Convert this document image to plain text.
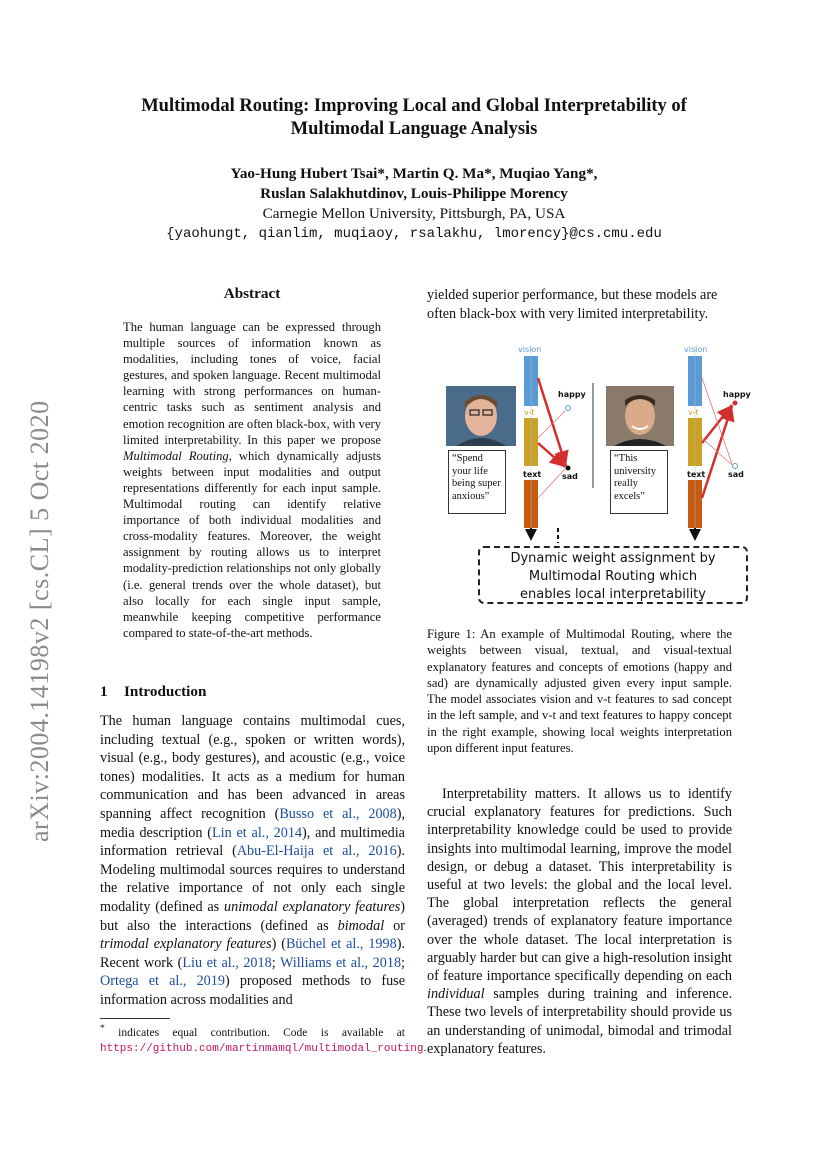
Multimodal Routing: Improving Local and Global Interpretability of
Multimodal Language Analysis
Yao-Hung Hubert Tsai*, Martin Q. Ma*, Muqiao Yang*,
Ruslan Salakhutdinov, Louis-Philippe Morency
Carnegie Mellon University, Pittsburgh, PA, USA
{yaohungt, qianlim, muqiaoy, rsalakhu, lmorency}@cs.cmu.edu
arXiv:2004.14198v2 [cs.CL] 5 Oct 2020
Abstract
The human language can be expressed through multiple sources of information known as modalities, including tones of voice, facial gestures, and spoken language. Recent multimodal learning with strong performances on human-centric tasks such as sentiment analysis and emotion recognition are often black-box, with very limited interpretability. In this paper we propose Multimodal Routing, which dynamically adjusts weights between input modalities and output representations differently for each input sample. Multimodal routing can identify relative importance of both individual modalities and cross-modality features. Moreover, the weight assignment by routing allows us to interpret modality-prediction relationships not only globally (i.e. general trends over the whole dataset), but also locally for each single input sample, meanwhile keeping competitive performance compared to state-of-the-art methods.
1 Introduction
The human language contains multimodal cues, including textual (e.g., spoken or written words), visual (e.g., body gestures), and acoustic (e.g., voice tones) modalities. It acts as a medium for human communication and has been advanced in areas spanning affect recognition (Busso et al., 2008), media description (Lin et al., 2014), and multimedia information retrieval (Abu-El-Haija et al., 2016). Modeling multimodal sources requires to understand the relative importance of not only each single modality (defined as unimodal explanatory features) but also the interactions (defined as bimodal or trimodal explanatory features) (Büchel et al., 1998). Recent work (Liu et al., 2018; Williams et al., 2018; Ortega et al., 2019) proposed methods to fuse information across modalities and
* indicates equal contribution. Code is available at https://github.com/martinmamql/multimodal_routing.
yielded superior performance, but these models are often black-box with very limited interpretability.
vision
v-t
text
happy
sad
vision
v-t
text
happy
sad
“Spend your life being super anxious”
“This university really excels”
Dynamic weight assignment by
Multimodal Routing which
enables local interpretability
Figure 1: An example of Multimodal Routing, where the weights between visual, textual, and visual-textual explanatory features and concepts of emotions (happy and sad) are dynamically adjusted given every input sample. The model associates vision and v-t features to sad concept in the left sample, and v-t and text features to happy concept in the right example, showing local weights interpretation upon different input features.

Interpretability matters. It allows us to identify crucial explanatory features for predictions. Such interpretability knowledge could be used to provide insights into multimodal learning, improve the model design, or debug a dataset. This interpretability is useful at two levels: the global and the local level. The global interpretation reflects the general (averaged) trends of explanatory feature importance over the whole dataset. The local interpretation is arguably harder but can give a high-resolution insight of feature importance specifically depending on each individual samples during training and inference. These two levels of interpretability should provide us an understanding of unimodal, bimodal and trimodal explanatory features.
